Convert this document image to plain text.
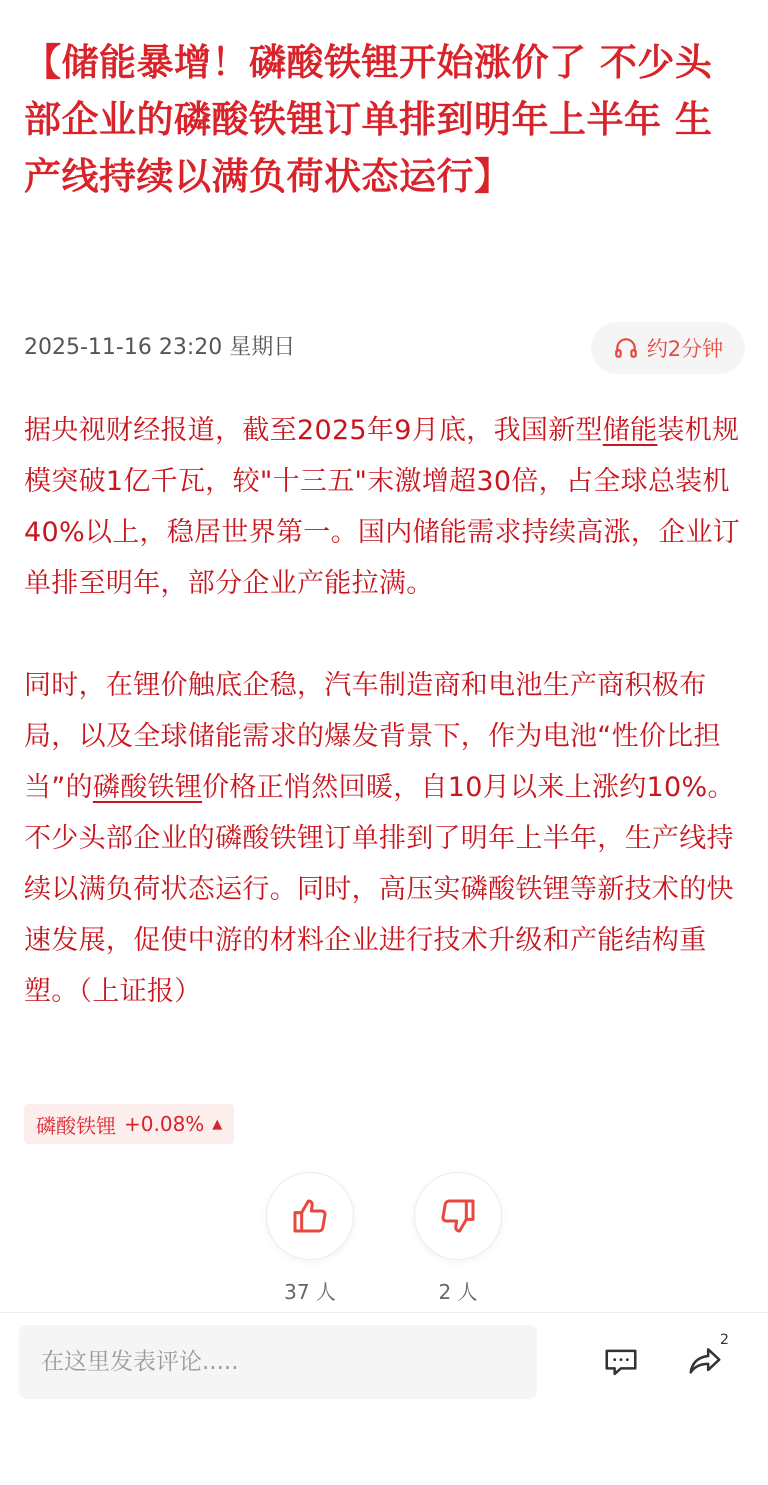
【储能暴增！磷酸铁锂开始涨价了 不少头部企业的磷酸铁锂订单排到明年上半年 生产线持续以满负荷状态运行】
2025-11-16 23:20 星期日	约2分钟

据央视财经报道，截至2025年9月底，我国新型储能装机规模突破1亿千瓦，较"十三五"末激增超30倍，占全球总装机40%以上，稳居世界第一。国内储能需求持续高涨，企业订单排至明年，部分企业产能拉满。

同时，在锂价触底企稳，汽车制造商和电池生产商积极布局，以及全球储能需求的爆发背景下，作为电池“性价比担当”的磷酸铁锂价格正悄然回暖，自10月以来上涨约10%。不少头部企业的磷酸铁锂订单排到了明年上半年，生产线持续以满负荷状态运行。同时，高压实磷酸铁锂等新技术的快速发展，促使中游的材料企业进行技术升级和产能结构重塑。（上证报）

磷酸铁锂 +0.08% ▲
37 人	2 人
在这里发表评论.....
2
